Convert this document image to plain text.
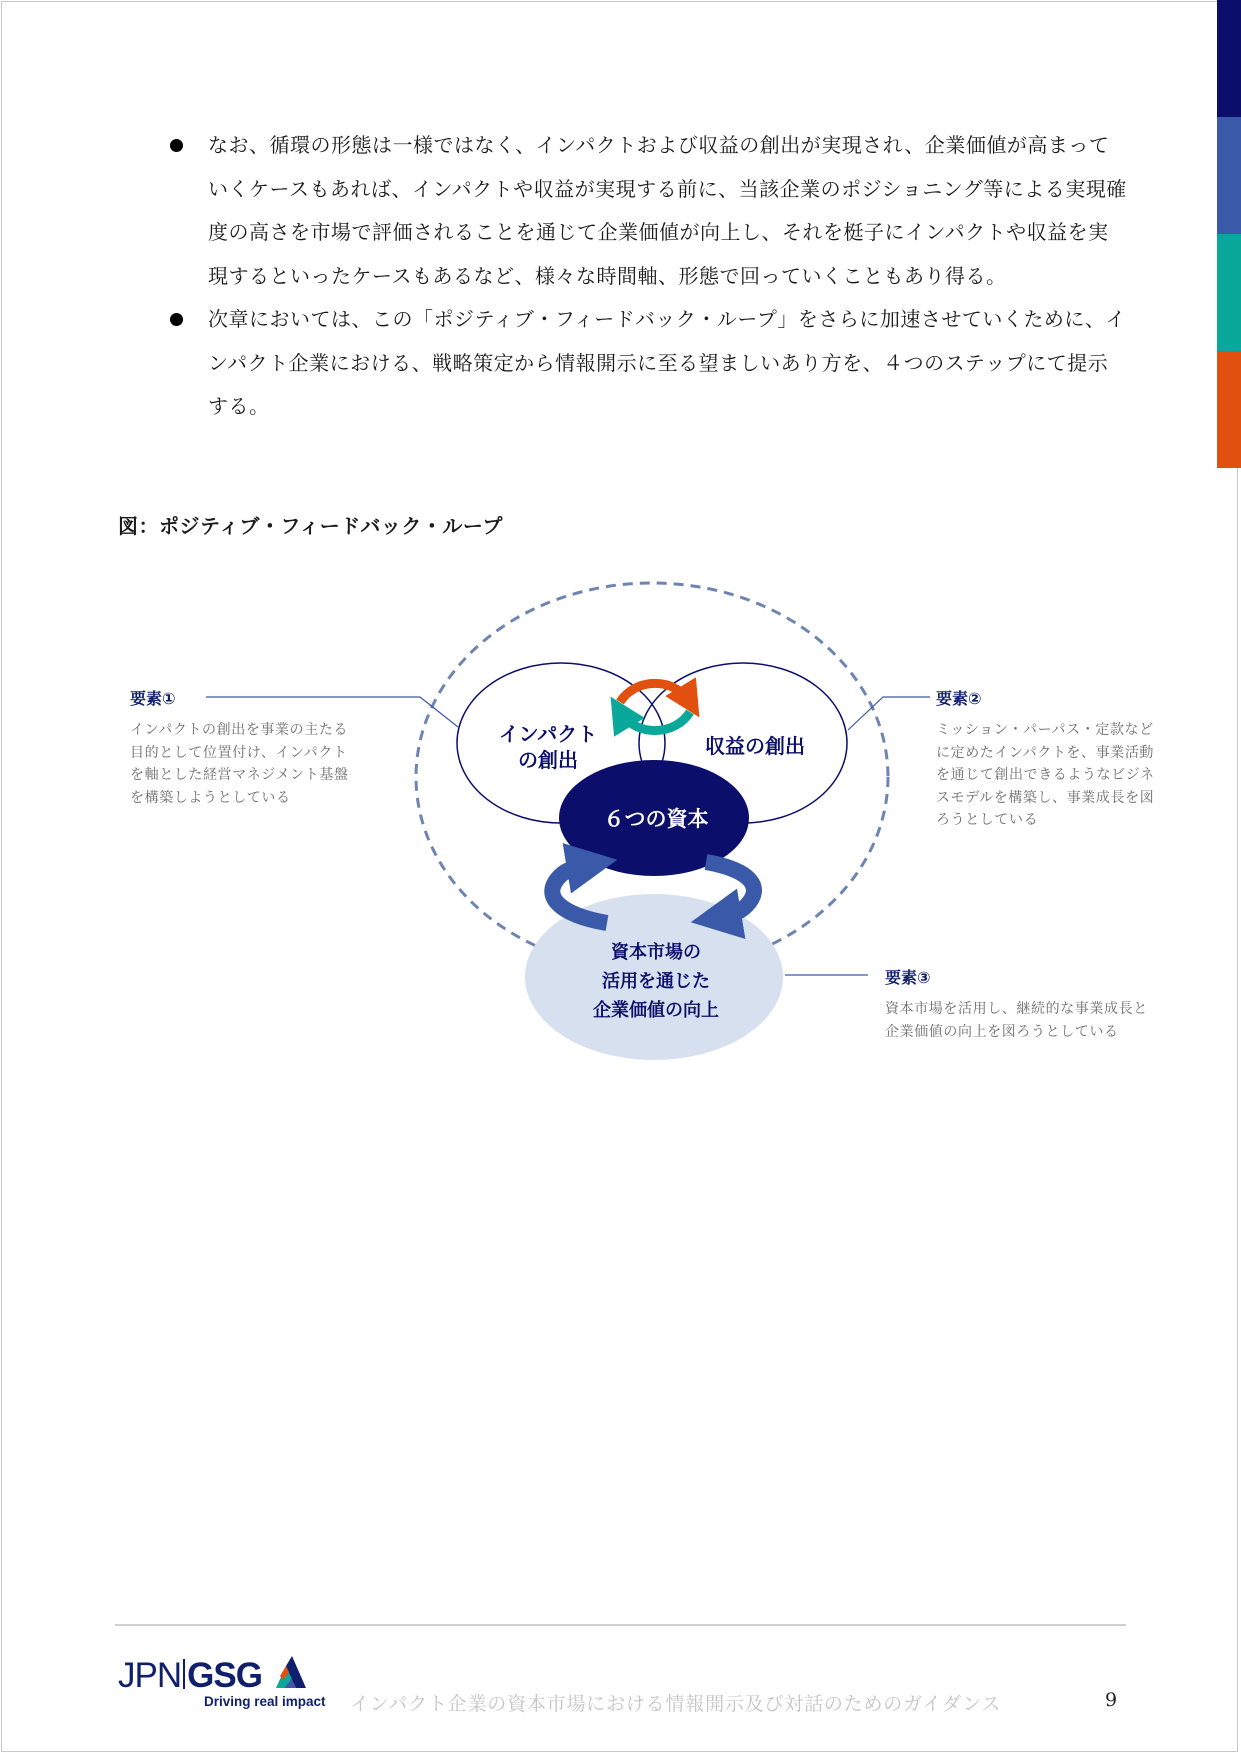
なお、循環の形態は一様ではなく、インパクトおよび収益の創出が実現され、企業価値が高まっていくケースもあれば、インパクトや収益が実現する前に、当該企業のポジショニング等による実現確度の高さを市場で評価されることを通じて企業価値が向上し、それを梃子にインパクトや収益を実現するといったケースもあるなど、様々な時間軸、形態で回っていくこともあり得る。
次章においては、この「ポジティブ・フィードバック・ループ」をさらに加速させていくために、インパクト企業における、戦略策定から情報開示に至る望ましいあり方を、４つのステップにて提示する。

図：ポジティブ・フィードバック・ループ

インパクト
の創出
収益の創出
６つの資本
資本市場の
活用を通じた
企業価値の向上
要素①
インパクトの創出を事業の主たる
目的として位置付け、インパクト
を軸とした経営マネジメント基盤
を構築しようとしている
要素②
ミッション・パーパス・定款など
に定めたインパクトを、事業活動
を通じて創出できるようなビジネ
スモデルを構築し、事業成長を図
ろうとしている
要素③
資本市場を活用し、継続的な事業成長と
企業価値の向上を図ろうとしている
JPN GSG
Driving real impact インパクト企業の資本市場における情報開示及び対話のためのガイダンス	9
